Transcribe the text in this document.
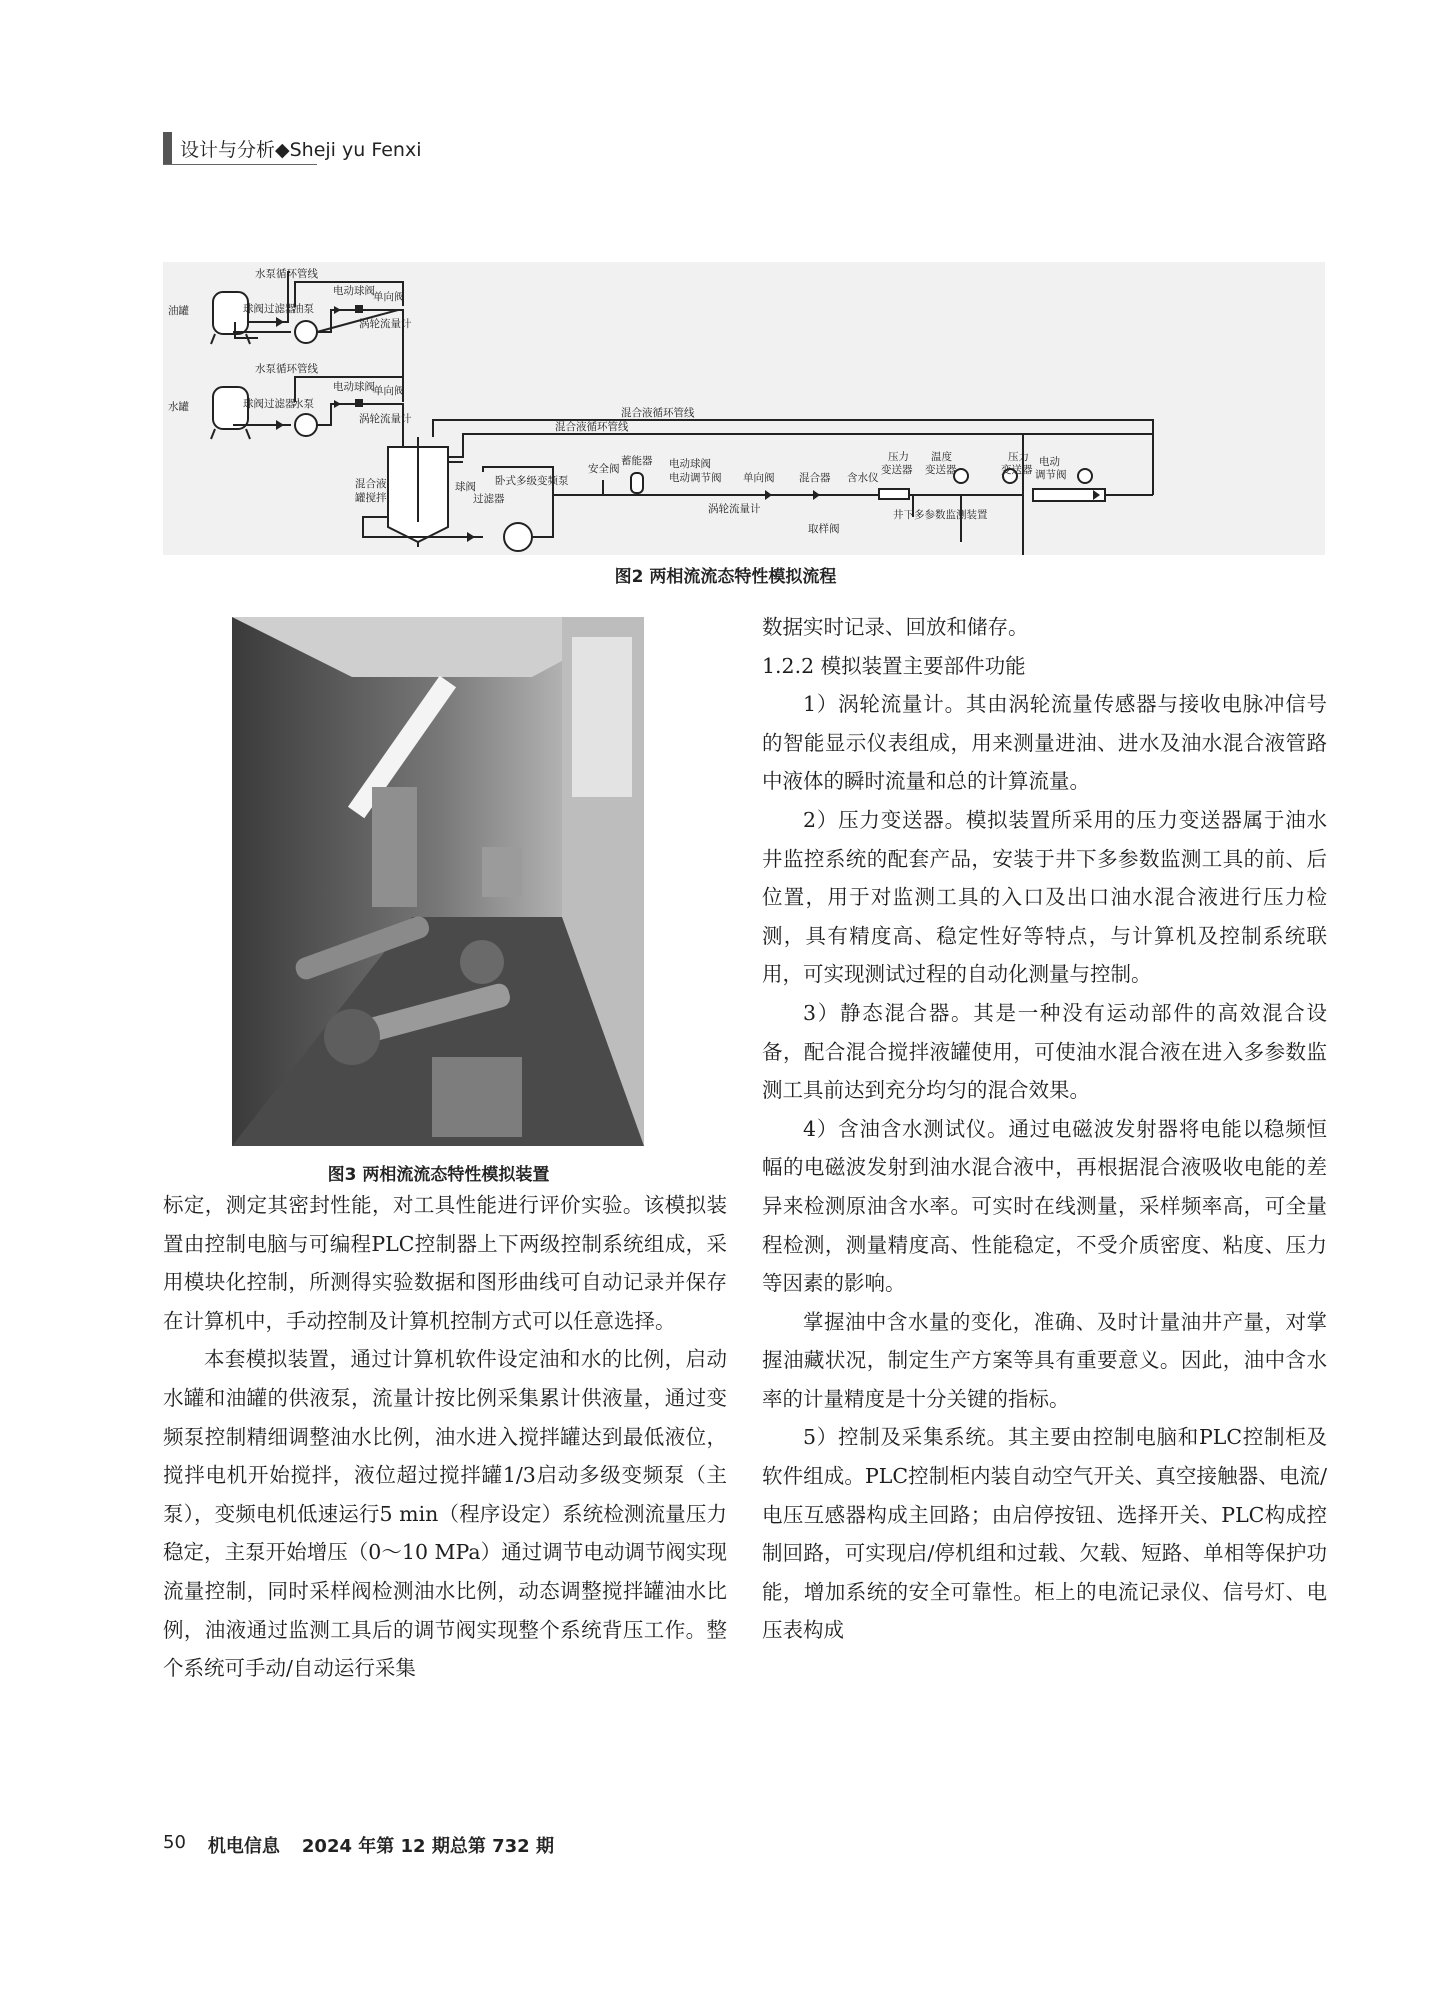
设计与分析◆Sheji yu Fenxi
油罐
水罐
水泵循环管线
水泵循环管线
电动球阀
电动球阀
球阀 过滤器
油泵
球阀 过滤器
水泵
单向阀
单向阀
涡轮流量计
涡轮流量计	混合液循环管线
混合液循环管线
混合液
罐搅拌
球阀
过滤器
卧式多级变频泵
安全阀
蓄能器 电动球阀
电动调节阀 单向阀
涡轮流量计
混合器 含水仪
压力
变送器
温度
变送器
压力
变送器
电动
调节阀
井下多参数监测装置
取样阀
图2 两相流流态特性模拟流程
图3 两相流流态特性模拟装置

标定，测定其密封性能，对工具性能进行评价实验。该模拟装置由控制电脑与可编程PLC控制器上下两级控制系统组成，采用模块化控制，所测得实验数据和图形曲线可自动记录并保存在计算机中，手动控制及计算机控制方式可以任意选择。

本套模拟装置，通过计算机软件设定油和水的比例，启动水罐和油罐的供液泵，流量计按比例采集累计供液量，通过变频泵控制精细调整油水比例，油水进入搅拌罐达到最低液位，搅拌电机开始搅拌，液位超过搅拌罐1/3启动多级变频泵（主泵），变频电机低速运行5 min（程序设定）系统检测流量压力稳定，主泵开始增压（0～10 MPa）通过调节电动调节阀实现流量控制，同时采样阀检测油水比例，动态调整搅拌罐油水比例，油液通过监测工具后的调节阀实现整个系统背压工作。整个系统可手动/自动运行采集

数据实时记录、回放和储存。

1.2.2 模拟装置主要部件功能

1）涡轮流量计。其由涡轮流量传感器与接收电脉冲信号的智能显示仪表组成，用来测量进油、进水及油水混合液管路中液体的瞬时流量和总的计算流量。

2）压力变送器。模拟装置所采用的压力变送器属于油水井监控系统的配套产品，安装于井下多参数监测工具的前、后位置，用于对监测工具的入口及出口油水混合液进行压力检测，具有精度高、稳定性好等特点，与计算机及控制系统联用，可实现测试过程的自动化测量与控制。

3）静态混合器。其是一种没有运动部件的高效混合设备，配合混合搅拌液罐使用，可使油水混合液在进入多参数监测工具前达到充分均匀的混合效果。

4）含油含水测试仪。通过电磁波发射器将电能以稳频恒幅的电磁波发射到油水混合液中，再根据混合液吸收电能的差异来检测原油含水率。可实时在线测量，采样频率高，可全量程检测，测量精度高、性能稳定，不受介质密度、粘度、压力等因素的影响。

掌握油中含水量的变化，准确、及时计量油井产量，对掌握油藏状况，制定生产方案等具有重要意义。因此，油中含水率的计量精度是十分关键的指标。

5）控制及采集系统。其主要由控制电脑和PLC控制柜及软件组成。PLC控制柜内装自动空气开关、真空接触器、电流/电压互感器构成主回路；由启停按钮、选择开关、PLC构成控制回路，可实现启/停机组和过载、欠载、短路、单相等保护功能，增加系统的安全可靠性。柜上的电流记录仪、信号灯、电压表构成

50 机电信息 2024 年第 12 期总第 732 期
